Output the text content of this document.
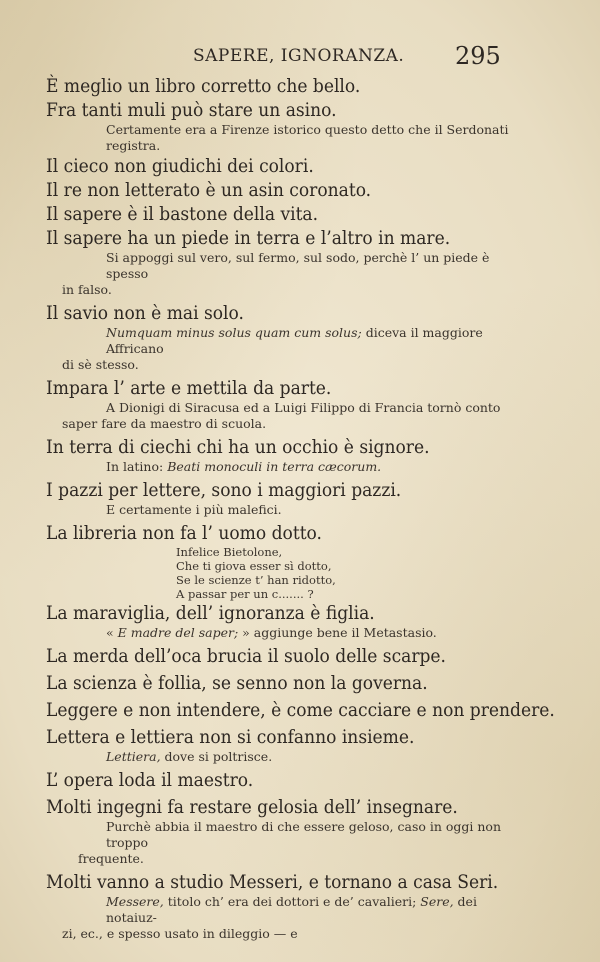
SAPERE, IGNORANZA. 295

È meglio un libro corretto che bello.

Fra tanti muli può stare un asino.

Certamente era a Firenze istorico questo detto che il Serdonati registra.

Il cieco non giudichi dei colori.

Il re non letterato è un asin coronato.

Il sapere è il bastone della vita.

Il sapere ha un piede in terra e l’altro in mare.

Si appoggi sul vero, sul fermo, sul sodo, perchè l’ un piede è spesso
in falso.

Il savio non è mai solo.

Numquam minus solus quam cum solus; diceva il maggiore Affricano
di sè stesso.

Impara l’ arte e mettila da parte.

A Dionigi di Siracusa ed a Luigi Filippo di Francia tornò conto
saper fare da maestro di scuola.

In terra di ciechi chi ha un occhio è signore.

In latino: Beati monoculi in terra cæcorum.

I pazzi per lettere, sono i maggiori pazzi.

E certamente i più malefici.

La libreria non fa l’ uomo dotto.

Infelice Bietolone,
Che ti giova esser sì dotto,
Se le scienze t’ han ridotto,
A passar per un c....... ?

La maraviglia, dell’ ignoranza è figlia.

« E madre del saper; » aggiunge bene il Metastasio.

La merda dell’oca brucia il suolo delle scarpe.

La scienza è follia, se senno non la governa.

Leggere e non intendere, è come cacciare e non prendere.

Lettera e lettiera non si confanno insieme.

Lettiera, dove si poltrisce.

L’ opera loda il maestro.

Molti ingegni fa restare gelosia dell’ insegnare.

Purchè abbia il maestro di che essere geloso, caso in oggi non troppo
frequente.

Molti vanno a studio Messeri, e tornano a casa Seri.

Messere, titolo ch’ era dei dottori e de’ cavalieri; Sere, dei notaiuz-
zi, ec., e spesso usato in dileggio — e
